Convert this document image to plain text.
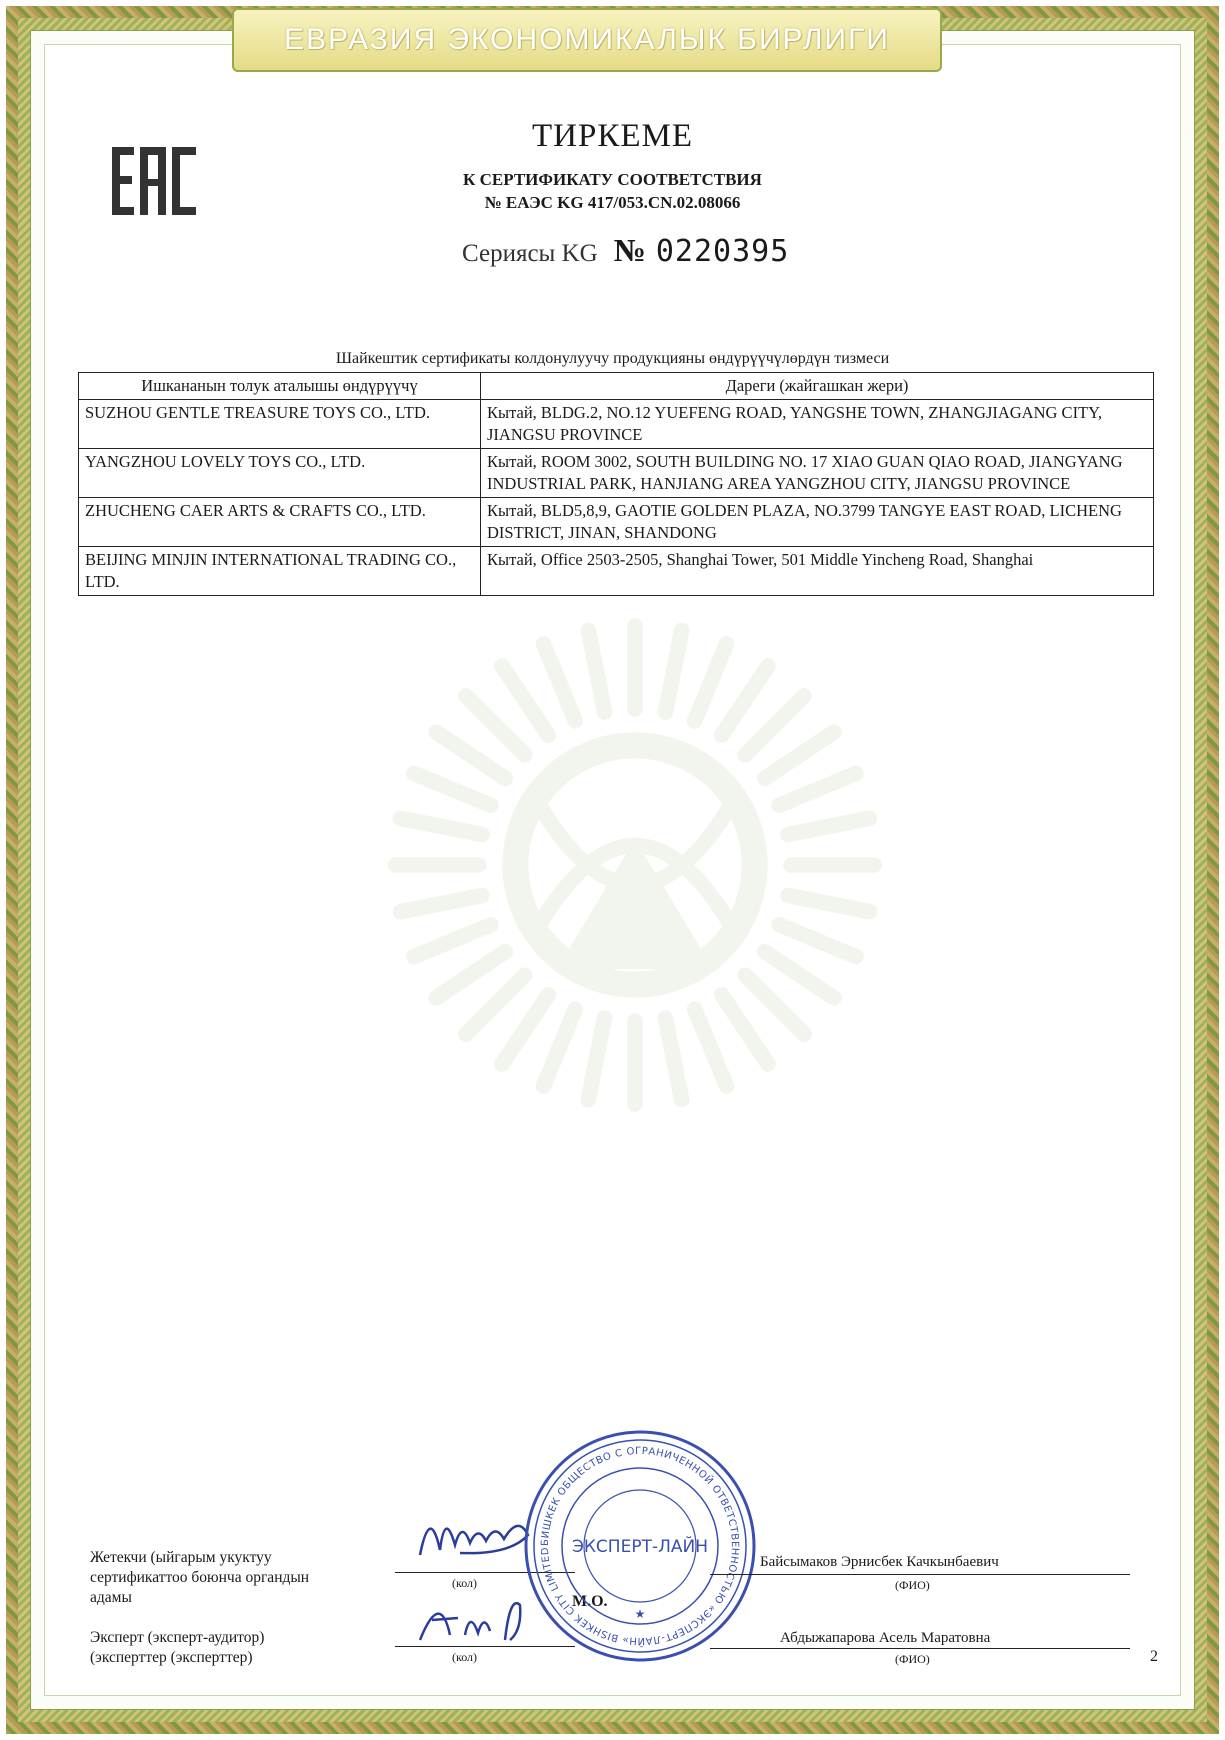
ЕВРАЗИЯ ЭКОНОМИКАЛЫК БИРЛИГИ
ТИРКЕМЕ
К СЕРТИФИКАТУ СООТВЕТСТВИЯ
№ ЕАЭС KG 417/053.CN.02.08066
Сериясы KG № 0220395
Шайкештик сертификаты колдонулуучу продукцияны өндүрүүчүлөрдүн тизмеси
Ишкананын толук аталышы өндүрүүчү	Дареги (жайгашкан жери)
SUZHOU GENTLE TREASURE TOYS CO., LTD.	Кытай, BLDG.2, NO.12 YUEFENG ROAD, YANGSHE TOWN, ZHANGJIAGANG CITY, JIANGSU PROVINCE
YANGZHOU LOVELY TOYS CO., LTD.	Кытай, ROOM 3002, SOUTH BUILDING NO. 17 XIAO GUAN QIAO ROAD, JIANGYANG INDUSTRIAL PARK, HANJIANG AREA YANGZHOU CITY, JIANGSU PROVINCE
ZHUCHENG CAER ARTS & CRAFTS CO., LTD.	Кытай, BLD5,8,9, GAOTIE GOLDEN PLAZA, NO.3799 TANGYE EAST ROAD, LICHENG DISTRICT, JINAN, SHANDONG
BEIJING MINJIN INTERNATIONAL TRADING CO., LTD.	Кытай, Office 2503-2505, Shanghai Tower, 501 Middle Yincheng Road, Shanghai
Жетекчи (ыйгарым укуктуу сертификаттоо боюнча органдын адамы
Эксперт (эксперт-аудитор) (эксперттер (эксперттер)
(кол)
(кол)
М.О.
БИШКЕК ОБЩЕСТВО С ОГРАНИЧЕННОЙ ОТВЕТСТВЕННОСТЬЮ «ЭКСПЕРТ-ЛАЙН» BISHKEK CITY LIMITED	ЭКСПЕРТ-ЛАЙН
★
Байсымаков Эрнисбек Качкынбаевич
(ФИО)
Абдыжапарова Асель Маратовна
(ФИО)	2
